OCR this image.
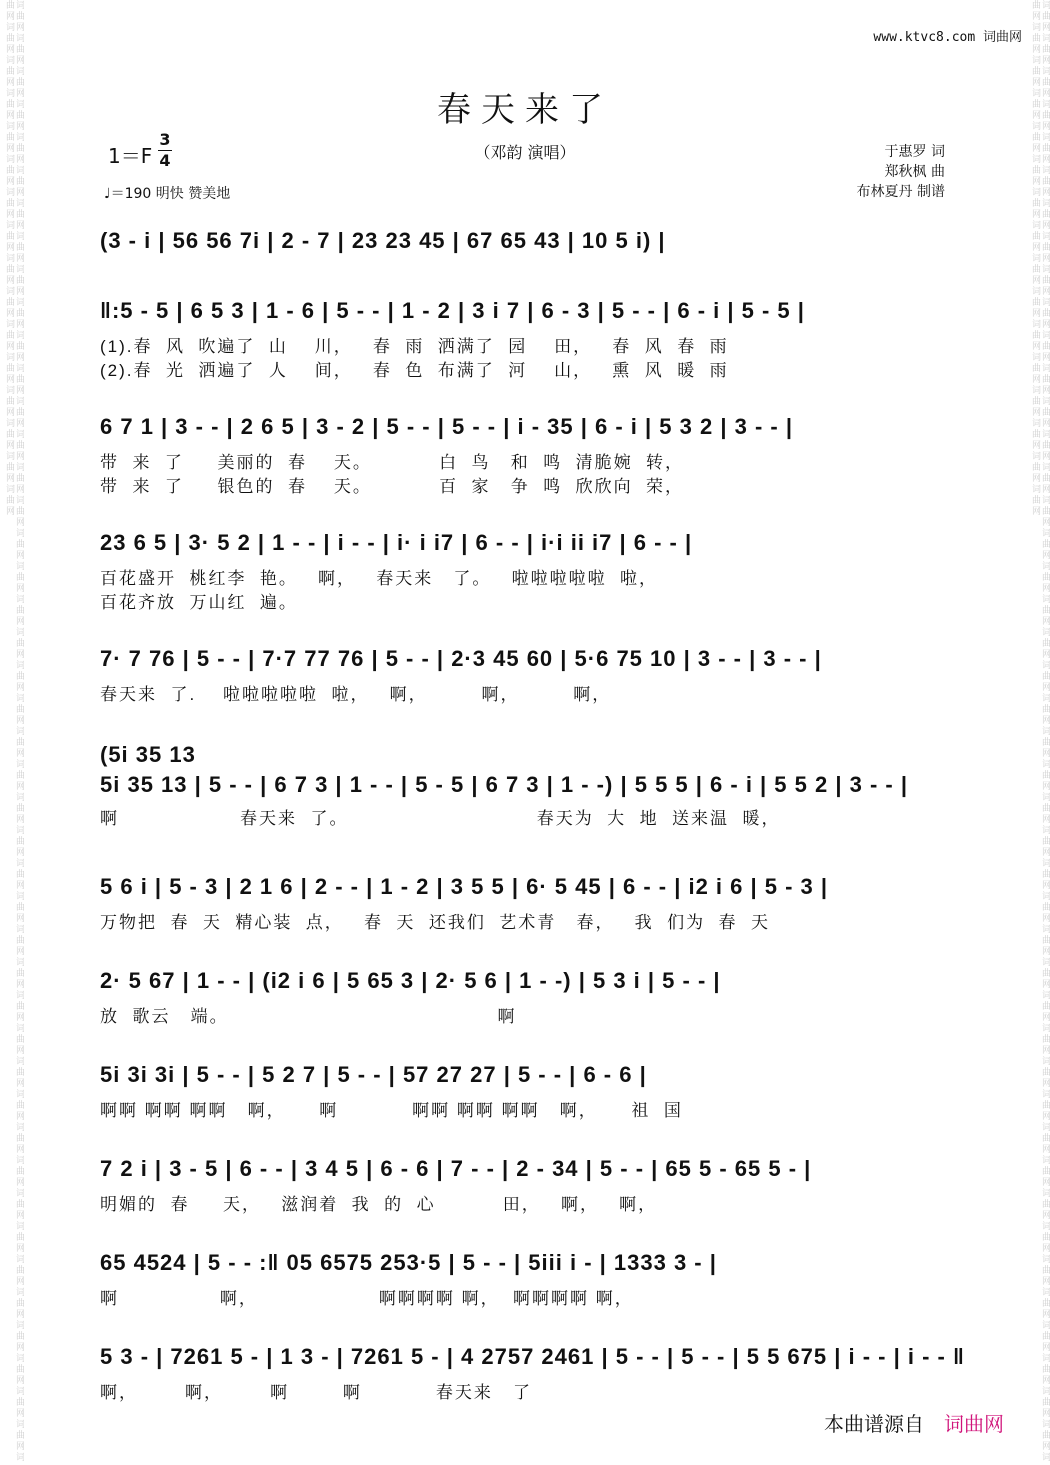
词曲网词曲网词曲网词曲网词曲网词曲网词曲网词曲网词曲网词曲网词曲网词曲网词曲网词曲网词曲网词曲网词曲网词曲网词曲网词曲网词曲网词曲网词曲网词曲网词曲网词曲网词曲网词曲网词曲网词曲网词曲网词曲网词曲网词曲网词曲网词曲网词曲网词曲网词曲网词曲网词曲网词曲网词曲网词曲网词曲网词曲网词曲网词曲网词曲网词曲网词曲网词曲网词曲网词曲网词曲网词曲网词曲网词曲网词曲网词曲网	词曲网词曲网词曲网词曲网词曲网词曲网词曲网词曲网词曲网词曲网词曲网词曲网词曲网词曲网词曲网词曲网词曲网词曲网词曲网词曲网词曲网词曲网词曲网词曲网词曲网词曲网词曲网词曲网词曲网词曲网词曲网词曲网词曲网词曲网词曲网词曲网词曲网词曲网词曲网词曲网词曲网词曲网词曲网词曲网词曲网词曲网词曲网词曲网词曲网词曲网词曲网词曲网词曲网词曲网词曲网词曲网词曲网词曲网词曲网词曲网
www.ktvc8.com 词曲网
春天来了
（邓韵 演唱）
1＝F
3
4
♩＝190 明快 赞美地
于惠罗 词
郑秋枫 曲
布林夏丹 制谱
(3 - i | 56 56 7i | 2 - 7 | 23 23 45 | 67 65 43 | 10 5 i) |
‖:5 - 5 | 6 5 3 | 1 - 6 | 5 - - | 1 - 2 | 3 i 7 | 6 - 3 | 5 - - | 6 - i | 5 - 5 |
(1).春  风  吹遍了  山    川，   春  雨  洒满了  园    田，   春  风  春  雨
(2).春  光  洒遍了  人    间，   春  色  布满了  河    山，   熏  风  暖  雨
6 7 1 | 3 - - | 2 6 5 | 3 - 2 | 5 - - | 5 - - | i - 35 | 6 - i | 5 3 2 | 3 - - |
带  来  了     美丽的  春    天。          白  鸟   和  鸣  清脆婉  转，
带  来  了     银色的  春    天。          百  家   争  鸣  欣欣向  荣，
23 6 5 | 3· 5 2 | 1 - - | i - - | i· i i7 | 6 - - | i·i ii i7 | 6 - - |
百花盛开  桃红李  艳。   啊，   春天来   了。   啦啦啦啦啦  啦，
百花齐放  万山红  遍。
7· 7 76 | 5 - - | 7·7 77 76 | 5 - - | 2·3 45 60 | 5·6 75 10 | 3 - - | 3 - - |
春天来  了.    啦啦啦啦啦  啦，   啊，        啊，        啊，
(5i 35 13
5i 35 13 | 5 - - | 6 7 3 | 1 - - | 5 - 5 | 6 7 3 | 1 - -) | 5 5 5 | 6 - i | 5 5 2 | 3 - - |
啊                  春天来  了。                            春天为  大  地  送来温  暖，
5 6 i | 5 - 3 | 2 1 6 | 2 - - | 1 - 2 | 3 5 5 | 6· 5 45 | 6 - - | i2 i 6 | 5 - 3 |
万物把  春  天  精心装  点，   春  天  还我们  艺术青   春，   我  们为  春  天
2· 5 67 | 1 - - | (i2 i 6 | 5 65 3 | 2· 5 6 | 1 - -) | 5 3 i | 5 - - |
放  歌云   端。                                        啊
5i 3i 3i | 5 - - | 5 2 7 | 5 - - | 57 27 27 | 5 - - | 6 - 6 |
啊啊 啊啊 啊啊   啊，     啊           啊啊 啊啊 啊啊   啊，     祖  国
7 2 i | 3 - 5 | 6 - - | 3 4 5 | 6 - 6 | 7 - - | 2 - 34 | 5 - - | 65 5 - 65 5 - |
明媚的  春     天，   滋润着  我  的  心          田，   啊，   啊，
65 4524 | 5 - - :‖ 05 6575 253·5 | 5 - - | 5iii i - | 1333 3 - |
啊               啊，                  啊啊啊啊 啊，  啊啊啊啊 啊，
5 3 - | 7261 5 - | 1 3 - | 7261 5 - | 4 2757 2461 | 5 - - | 5 - - | 5 5 675 | i - - | i - - ‖
啊，       啊，       啊        啊           春天来   了
本曲谱源自 词曲网
